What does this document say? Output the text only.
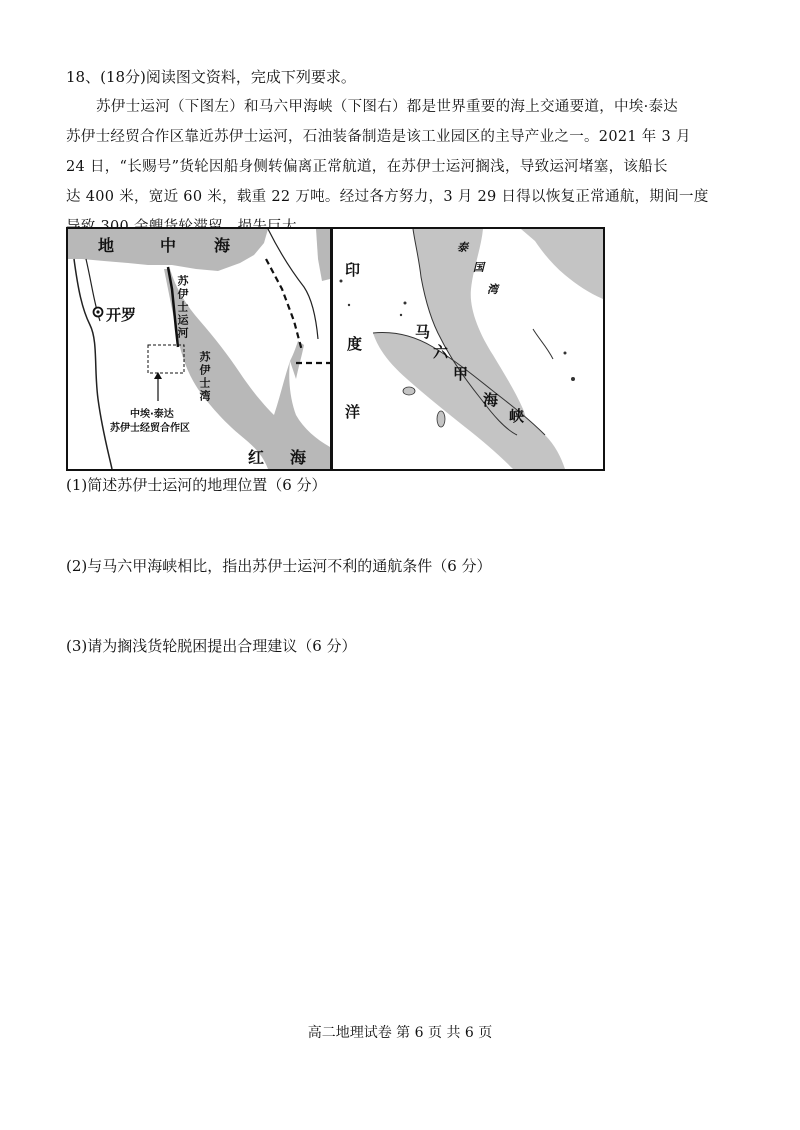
18、(18分)阅读图文资料，完成下列要求。
苏伊士运河（下图左）和马六甲海峡（下图右）都是世界重要的海上交通要道，中埃·泰达
苏伊士经贸合作区靠近苏伊士运河，石油装备制造是该工业园区的主导产业之一。2021 年 3 月
24 日，“长赐号”货轮因船身侧转偏离正常航道，在苏伊士运河搁浅，导致运河堵塞，该船长
达 400 米，宽近 60 米，载重 22 万吨。经过各方努力，3 月 29 日得以恢复正常通航，期间一度
地	中 海
开罗	苏伊士运河
苏伊士湾
中埃·泰达
苏伊士经贸合作区
红 海
印
度
洋
泰
国
湾
马
六
甲
海
峡
(1)简述苏伊士运河的地理位置（6 分）
(2)与马六甲海峡相比，指出苏伊士运河不利的通航条件（6 分）
(3)请为搁浅货轮脱困提出合理建议（6 分）
高二地理试卷 第 6 页 共 6 页
